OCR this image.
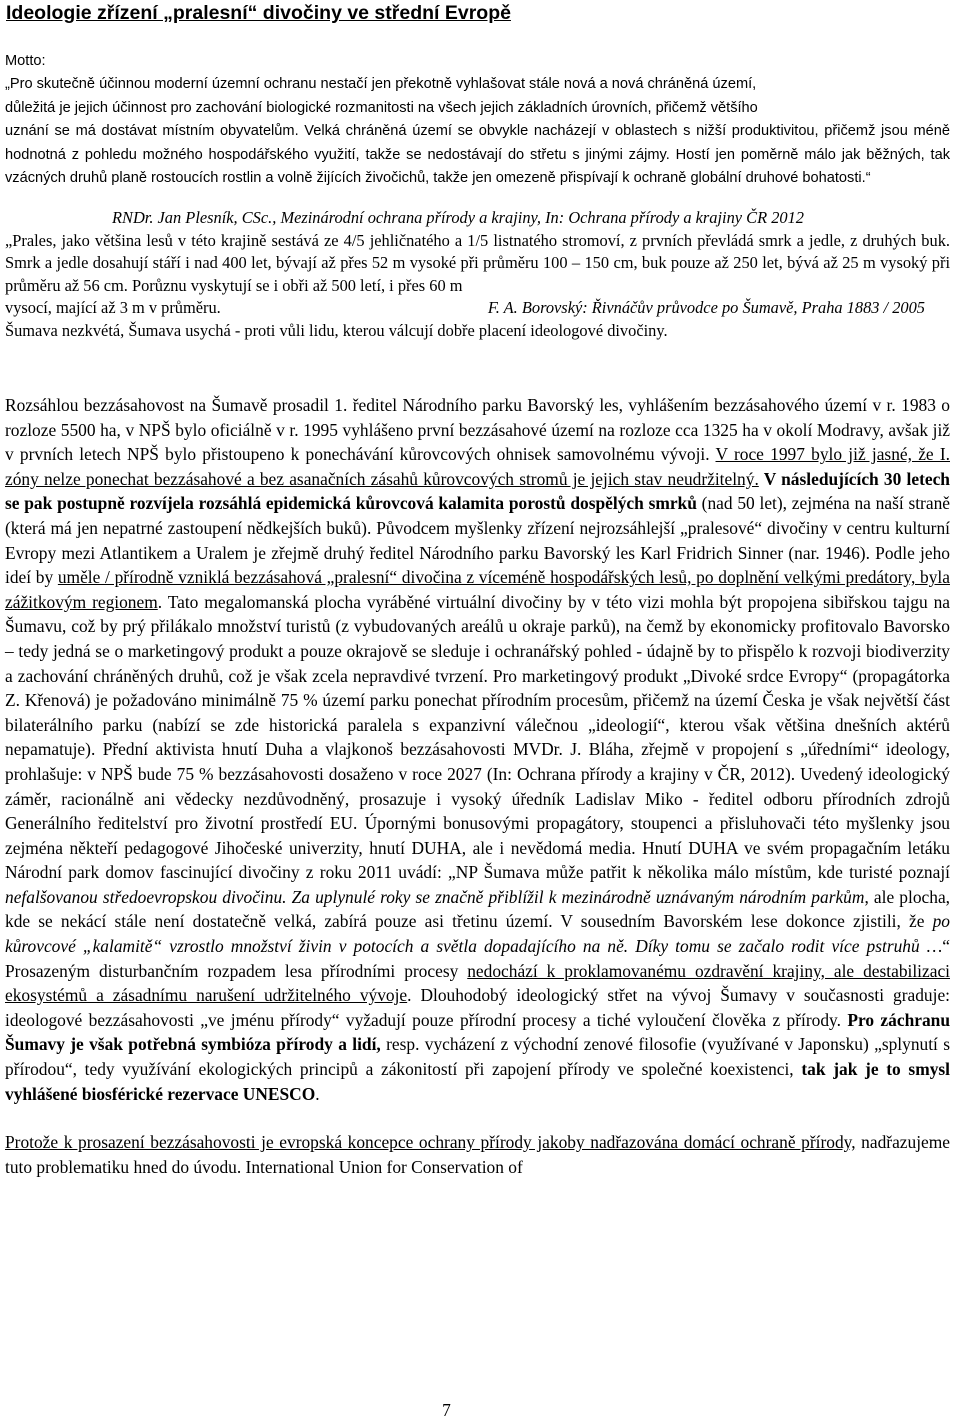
Ideologie zřízení „pralesní“ divočiny ve střední Evropě

Motto:

„Pro skutečně účinnou moderní územní ochranu nestačí jen překotně vyhlašovat stále nová a nová chráněná území,

důležitá je jejich účinnost pro zachování biologické rozmanitosti na všech jejich základních úrovních, přičemž většího

uznání se má dostávat místním obyvatelům. Velká chráněná území se obvykle nacházejí v oblastech s nižší produktivitou, přičemž jsou méně hodnotná z pohledu možného hospodářského využití, takže se nedostávají do střetu s jinými zájmy. Hostí jen poměrně málo jak běžných, tak vzácných druhů planě rostoucích rostlin a volně žijících živočichů, takže jen omezeně přispívají k ochraně globální druhové bohatosti.“

RNDr. Jan Plesník, CSc., Mezinárodní ochrana přírody a krajiny, In: Ochrana přírody a krajiny ČR 2012

„Prales, jako většina lesů v této krajině sestává ze 4/5 jehličnatého a 1/5 listnatého stromoví, z prvních převládá smrk a jedle, z druhých buk. Smrk a jedle dosahují stáří i nad 400 let, bývají až přes 52 m vysoké při průměru 100 – 150 cm, buk pouze až 250 let, bývá až 25 m vysoký při průměru až 56 cm. Porůznu vyskytují se i obři až 500 letí, i přes 60 m

vysocí, mající až 3 m v průměru.	F. A. Borovský: Řivnáčův průvodce po Šumavě, Praha 1883 / 2005

Šumava nezkvétá, Šumava usychá - proti vůli lidu, kterou válcují dobře placení ideologové divočiny.

Rozsáhlou bezzásahovost na Šumavě prosadil 1. ředitel Národního parku Bavorský les, vyhlášením bezzásahového území v r. 1983 o rozloze 5500 ha, v NPŠ bylo oficiálně v r. 1995 vyhlášeno první bezzásahové území na rozloze cca 1325 ha v okolí Modravy, avšak již v prvních letech NPŠ bylo přistoupeno k ponechávání kůrovcových ohnisek samovolnému vývoji. V roce 1997 bylo již jasné, že I. zóny nelze ponechat bezzásahové a bez asanačních zásahů kůrovcových stromů je jejich stav neudržitelný. V následujících 30 letech se pak postupně rozvíjela rozsáhlá epidemická kůrovcová kalamita porostů dospělých smrků (nad 50 let), zejména na naší straně (která má jen nepatrné zastoupení nědkejších buků). Původcem myšlenky zřízení nejrozsáhlejší „pralesové“ divočiny v centru kulturní Evropy mezi Atlantikem a Uralem je zřejmě druhý ředitel Národního parku Bavorský les Karl Fridrich Sinner (nar. 1946). Podle jeho ideí by uměle / přírodně vzniklá bezzásahová „pralesní“ divočina z víceméně hospodářských lesů, po doplnění velkými predátory, byla zážitkovým regionem. Tato megalomanská plocha vyráběné virtuální divočiny by v této vizi mohla být propojena sibiřskou tajgu na Šumavu, což by prý přilákalo množství turistů (z vybudovaných areálů u okraje parků), na čemž by ekonomicky profitovalo Bavorsko – tedy jedná se o marketingový produkt a pouze okrajově se sleduje i ochranářský pohled - údajně by to přispělo k rozvoji biodiverzity a zachování chráněných druhů, což je však zcela nepravdivé tvrzení. Pro marketingový produkt „Divoké srdce Evropy“ (propagátorka Z. Křenová) je požadováno minimálně 75 % území parku ponechat přírodním procesům, přičemž na území Česka je však největší část bilaterálního parku (nabízí se zde historická paralela s expanzivní válečnou „ideologií“, kterou však většina dnešních aktérů nepamatuje). Přední aktivista hnutí Duha a vlajkonoš bezzásahovosti MVDr. J. Bláha, zřejmě v propojení s „úředními“ ideology, prohlašuje: v NPŠ bude 75 % bezzásahovosti dosaženo v roce 2027 (In: Ochrana přírody a krajiny v ČR, 2012). Uvedený ideologický záměr, racionálně ani vědecky nezdůvodněný, prosazuje i vysoký úředník Ladislav Miko - ředitel odboru přírodních zdrojů Generálního ředitelství pro životní prostředí EU. Úpornými bonusovými propagátory, stoupenci a přisluhovači této myšlenky jsou zejména někteří pedagogové Jihočeské univerzity, hnutí DUHA, ale i nevědomá media. Hnutí DUHA ve svém propagačním letáku Národní park domov fascinující divočiny z roku 2011 uvádí: „NP Šumava může patřit k několika málo místům, kde turisté poznají nefalšovanou středoevropskou divočinu. Za uplynulé roky se značně přiblížil k mezinárodně uznávaným národním parkům, ale plocha, kde se nekácí stále není dostatečně velká, zabírá pouze asi třetinu území. V sousedním Bavorském lese dokonce zjistili, že po kůrovcové „kalamitě“ vzrostlo množství živin v potocích a světla dopadajícího na ně. Díky tomu se začalo rodit více pstruhů …“ Prosazeným disturbančním rozpadem lesa přírodními procesy nedochází k proklamovanému ozdravění krajiny, ale destabilizaci ekosystémů a zásadnímu narušení udržitelného vývoje. Dlouhodobý ideologický střet na vývoj Šumavy v současnosti graduje: ideologové bezzásahovosti „ve jménu přírody“ vyžadují pouze přírodní procesy a tiché vyloučení člověka z přírody. Pro záchranu Šumavy je však potřebná symbióza přírody a lidí, resp. vycházení z východní zenové filosofie (využívané v Japonsku) „splynutí s přírodou“, tedy využívání ekologických principů a zákonitostí při zapojení přírody ve společné koexistenci, tak jak je to smysl vyhlášené biosférické rezervace UNESCO.

Protože k prosazení bezzásahovosti je evropská koncepce ochrany přírody jakoby nadřazována domácí ochraně přírody, nadřazujeme tuto problematiku hned do úvodu. International Union for Conservation of

7
